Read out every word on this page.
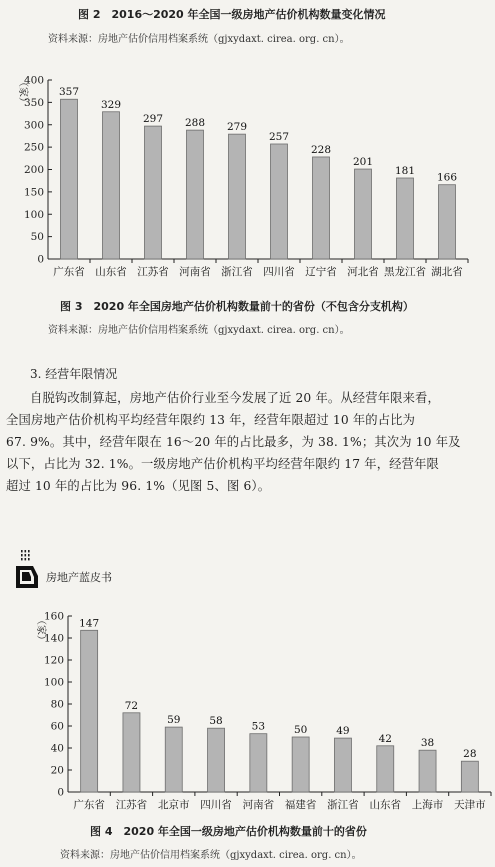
图 2　2016～2020 年全国一级房地产估价机构数量变化情况
资料来源：房地产估价信用档案系统（gjxydaxt. cirea. org. cn）。
0
50
100
150
200
250
300
350
400
（家）	357
广东省
329
山东省
297
江苏省
288
河南省
279
浙江省
257
四川省
228
辽宁省
201
河北省
181
黑龙江省
166
湖北省
图 3　2020 年全国房地产估价机构数量前十的省份（不包含分支机构）
资料来源：房地产估价信用档案系统（gjxydaxt. cirea. org. cn）。
3. 经营年限情况

自脱钩改制算起，房地产估价行业至今发展了近 20 年。从经营年限来看，

全国房地产估价机构平均经营年限约 13 年，经营年限超过 10 年的占比为

67. 9%。其中，经营年限在 16～20 年的占比最多，为 38. 1%；其次为 10 年及

以下，占比为 32. 1%。一级房地产估价机构平均经营年限约 17 年，经营年限

超过 10 年的占比为 96. 1%（见图 5、图 6）。

房地产蓝皮书
0
20
40
60
80
100
120
140
160
（家）	147
广东省
72
江苏省
59
北京市
58
四川省
53
河南省
50
福建省
49
浙江省
42
山东省
38
上海市
28
天津市
图 4　2020 年全国一级房地产估价机构数量前十的省份
资料来源：房地产估价信用档案系统（gjxydaxt. cirea. org. cn）。
